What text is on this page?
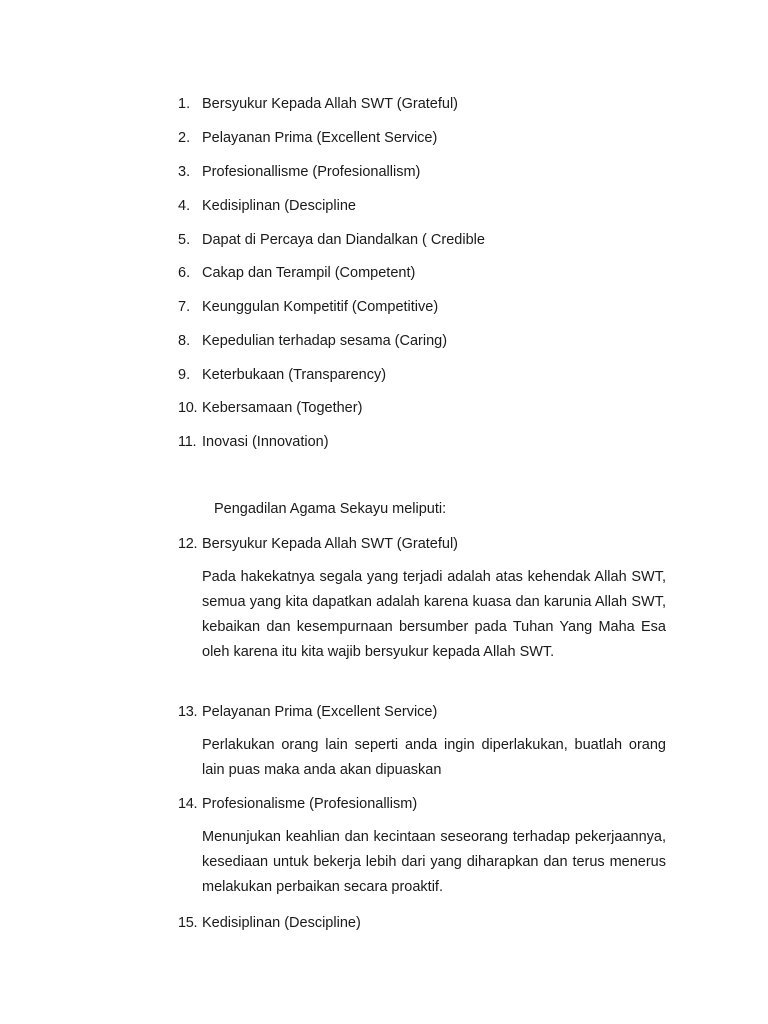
1. Bersyukur Kepada Allah SWT (Grateful)
2. Pelayanan Prima (Excellent Service)
3. Profesionallisme (Profesionallism)
4. Kedisiplinan (Descipline
5. Dapat di Percaya dan Diandalkan ( Credible
6. Cakap dan Terampil (Competent)
7. Keunggulan Kompetitif (Competitive)
8. Kepedulian terhadap sesama (Caring)
9. Keterbukaan (Transparency)
10. Kebersamaan (Together)
11. Inovasi (Innovation)
Pengadilan Agama Sekayu meliputi:
12. Bersyukur Kepada Allah SWT (Grateful)

Pada hakekatnya segala yang terjadi adalah atas kehendak Allah SWT, semua yang kita dapatkan adalah karena kuasa dan karunia Allah SWT, kebaikan dan kesempurnaan bersumber pada Tuhan Yang Maha Esa oleh karena itu kita wajib bersyukur kepada Allah SWT.

13. Pelayanan Prima (Excellent Service)

Perlakukan orang lain seperti anda ingin diperlakukan, buatlah orang lain puas maka anda akan dipuaskan

14. Profesionalisme (Profesionallism)

Menunjukan keahlian dan kecintaan seseorang terhadap pekerjaannya, kesediaan untuk bekerja lebih dari yang diharapkan dan terus menerus melakukan perbaikan secara proaktif.

15. Kedisiplinan (Descipline)
